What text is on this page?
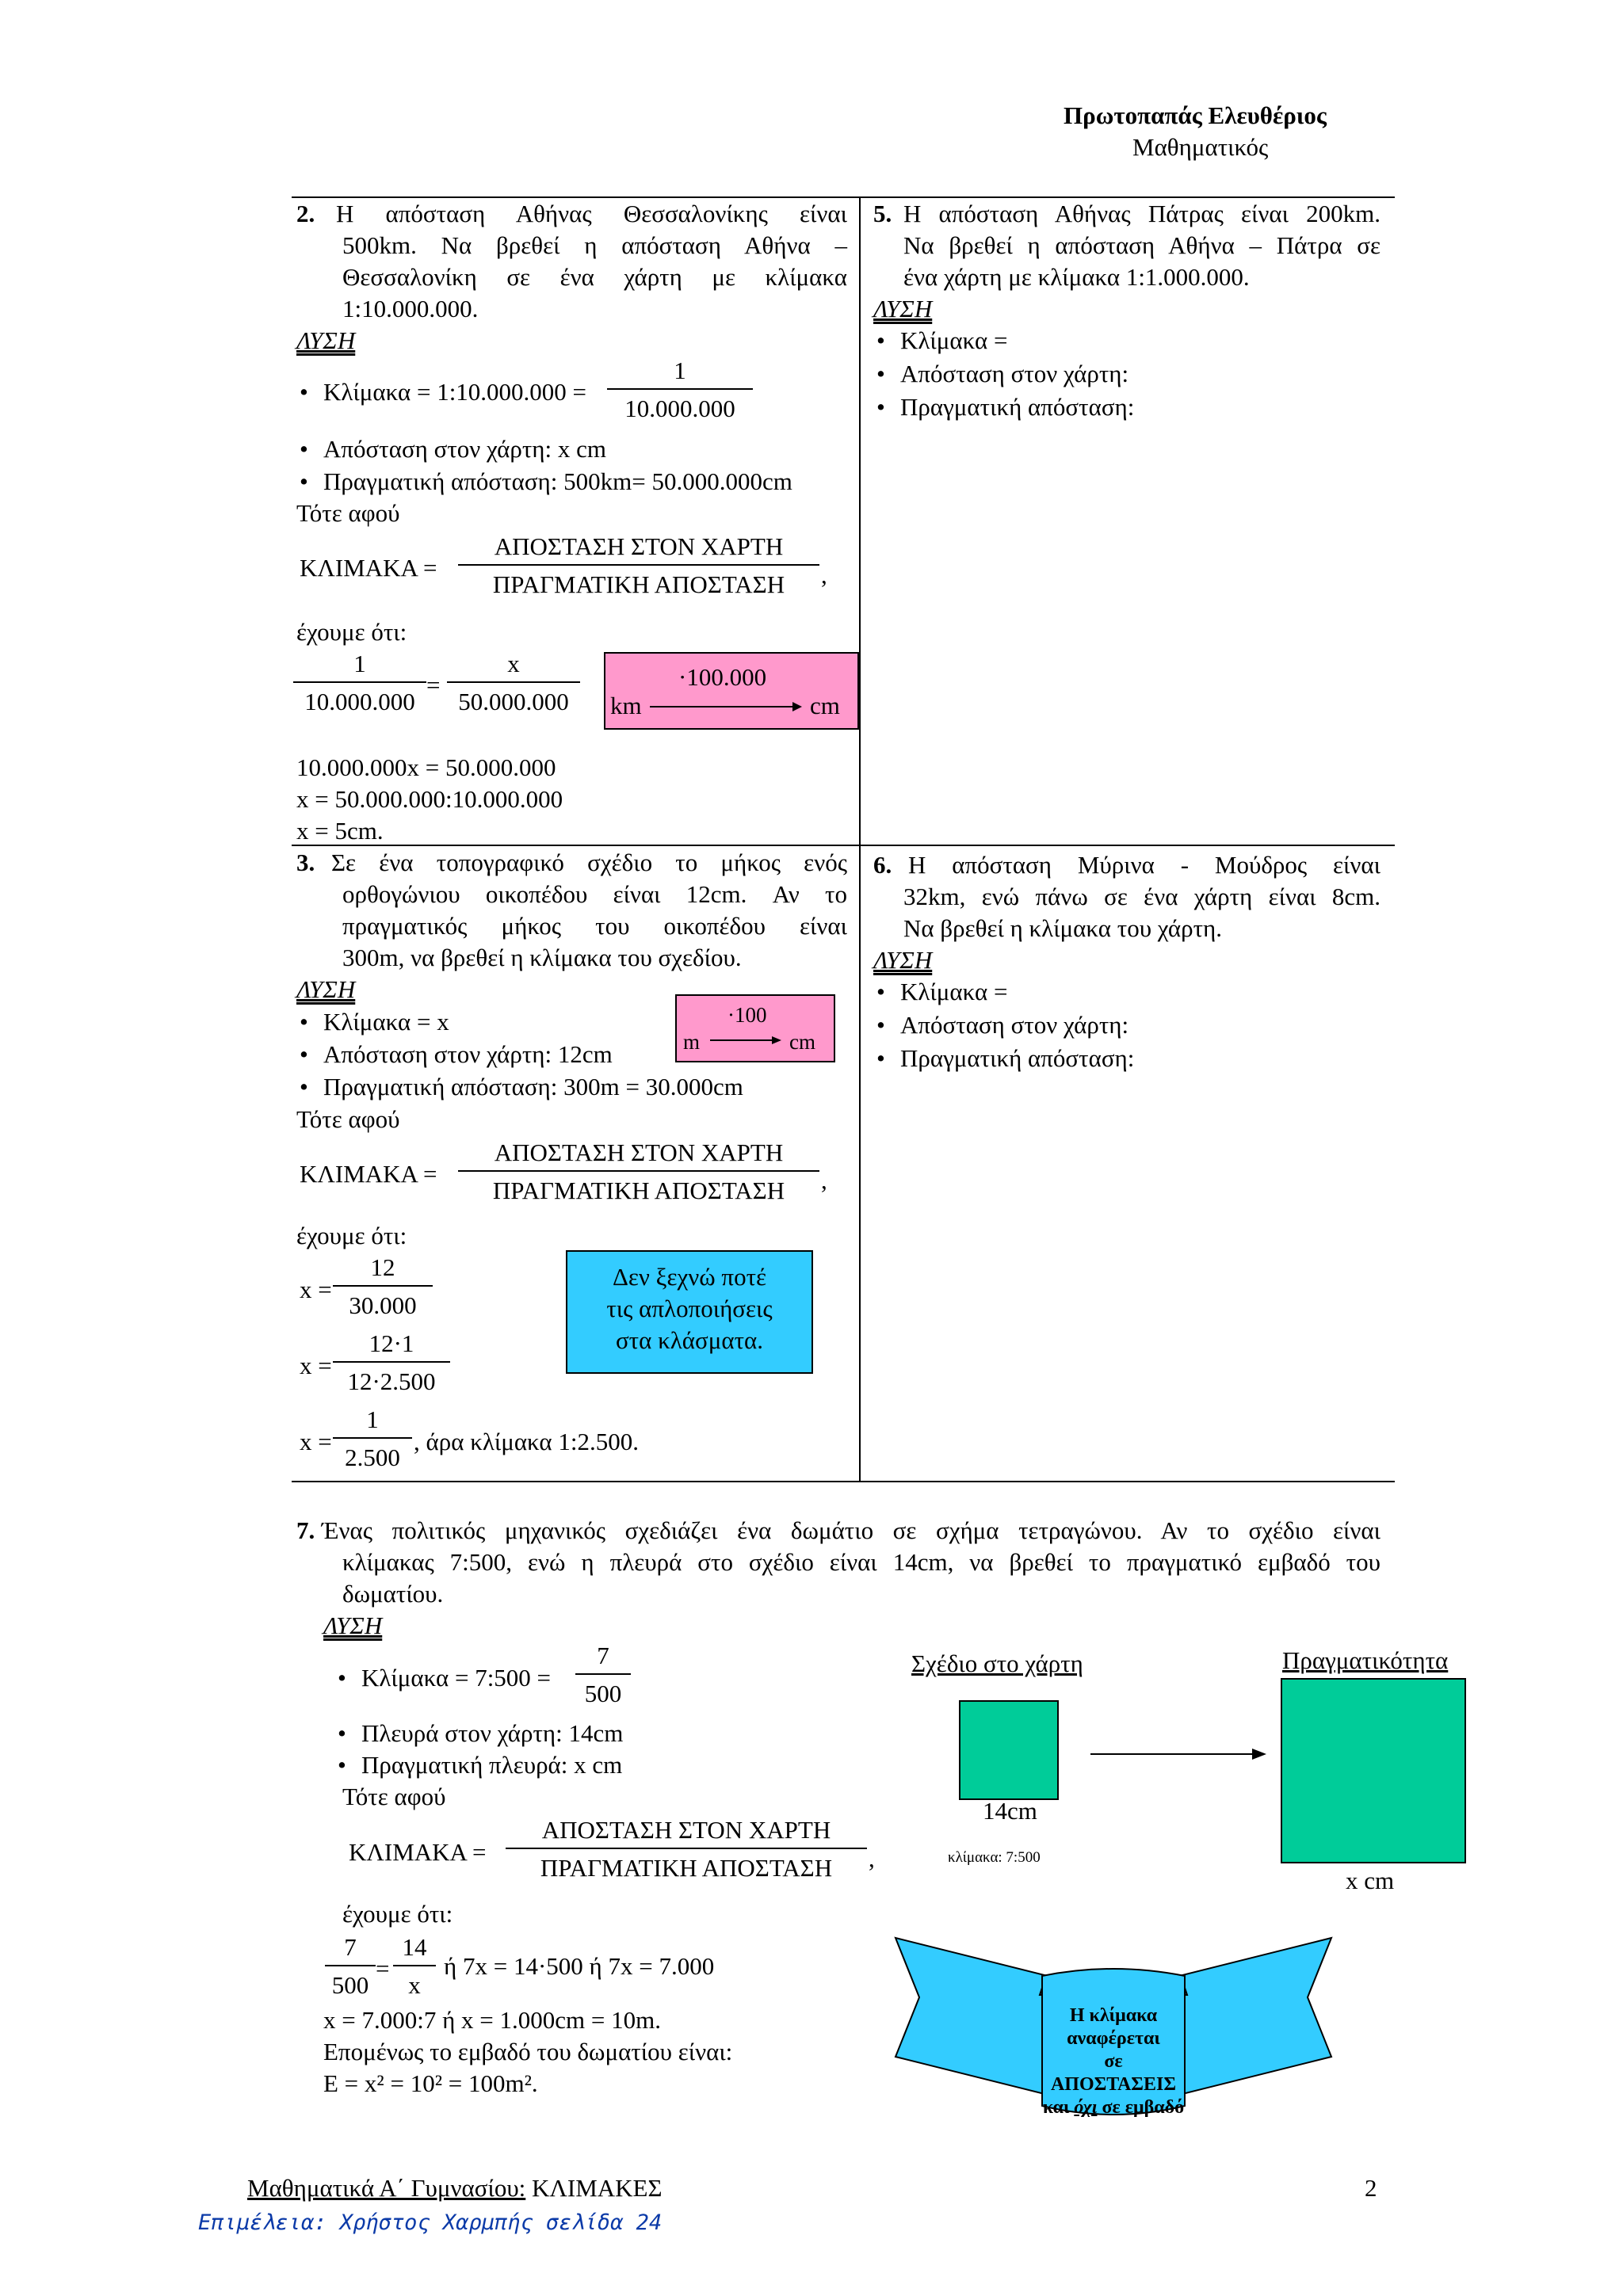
Πρωτοπαπάς Ελευθέριος
Μαθηματικός
2. Η απόσταση Αθήνας Θεσσαλονίκης είναι
500km. Να βρεθεί η απόσταση Αθήνα –
Θεσσαλονίκη σε ένα χάρτη με κλίμακα
1:10.000.000.
ΛΥΣΗ
• Κλίμακα = 1:10.000.000 = $\frac{1}{10.000.000}$
• Απόσταση στον χάρτη: x cm
• Πραγματική απόσταση: 500km= 50.000.000cm
Τότε αφού
ΚΛΙΜΑΚΑ =
ΑΠΟΣΤΑΣΗ ΣΤΟΝ ΧΑΡΤΗ
ΠΡΑΓΜΑΤΙΚΗ ΑΠΟΣΤΑΣΗ ,
έχουμε ότι:
$\frac{1}{10.000.000} = \frac{x}{50.000.000}$	·100.000
km	cm
10.000.000x = 50.000.000
x = 50.000.000:10.000.000
x = 5cm.
5. Η απόσταση Αθήνας Πάτρας είναι 200km.
Να βρεθεί η απόσταση Αθήνα – Πάτρα σε
ένα χάρτη με κλίμακα 1:1.000.000.
ΛΥΣΗ
• Κλίμακα =
• Απόσταση στον χάρτη:
• Πραγματική απόσταση:
3. Σε ένα τοπογραφικό σχέδιο το μήκος ενός
ορθογώνιου οικοπέδου είναι 12cm. Αν το
πραγματικός μήκος του οικοπέδου είναι
300m, να βρεθεί η κλίμακα του σχεδίου.
ΛΥΣΗ
• Κλίμακα = x
• Απόσταση στον χάρτη: 12cm
• Πραγματική απόσταση: 300m = 30.000cm
·100
m	cm
Τότε αφού
ΚΛΙΜΑΚΑ =
ΑΠΟΣΤΑΣΗ ΣΤΟΝ ΧΑΡΤΗ
ΠΡΑΓΜΑΤΙΚΗ ΑΠΟΣΤΑΣΗ ,
έχουμε ότι:
$x = \frac{12}{30.000}$
$x = \frac{12\cdot 1}{12\cdot 2.500}$
$x = \frac{1}{2.500}$ , άρα κλίμακα 1:2.500.
Δεν ξεχνώ ποτέ
τις απλοποιήσεις
στα κλάσματα.
6. Η απόσταση Μύρινα - Μούδρος είναι
32km, ενώ πάνω σε ένα χάρτη είναι 8cm.
Να βρεθεί η κλίμακα του χάρτη.
ΛΥΣΗ
• Κλίμακα =
• Απόσταση στον χάρτη:
• Πραγματική απόσταση:
7. Ένας πολιτικός μηχανικός σχεδιάζει ένα δωμάτιο σε σχήμα τετραγώνου. Αν το σχέδιο είναι
κλίμακας 7:500, ενώ η πλευρά στο σχέδιο είναι 14cm, να βρεθεί το πραγματικό εμβαδό του
δωματίου.
ΛΥΣΗ
• Κλίμακα = 7:500 = $\frac{7}{500}$
• Πλευρά στον χάρτη: 14cm
• Πραγματική πλευρά: x cm
Τότε αφού
ΚΛΙΜΑΚΑ =
ΑΠΟΣΤΑΣΗ ΣΤΟΝ ΧΑΡΤΗ
ΠΡΑΓΜΑΤΙΚΗ ΑΠΟΣΤΑΣΗ ,
έχουμε ότι:
$\frac{7}{500} = \frac{14}{x}$ ή 7x = 14·500 ή 7x = 7.000
x = 7.000:7 ή x = 1.000cm = 10m.
Επομένως το εμβαδό του δωματίου είναι:
E = x² = 10² = 100m².
Σχέδιο στο χάρτη	Πραγματικότητα
14cm
κλίμακα: 7:500
x cm
Η κλίμακα
αναφέρεται
σε ΑΠΟΣΤΑΣΕΙΣ
και όχι σε εμβαδό
Μαθηματικά Α΄ Γυμνασίου: ΚΛΙΜΑΚΕΣ	2
Επιμέλεια: Χρήστος Χαρμπής σελίδα 24
